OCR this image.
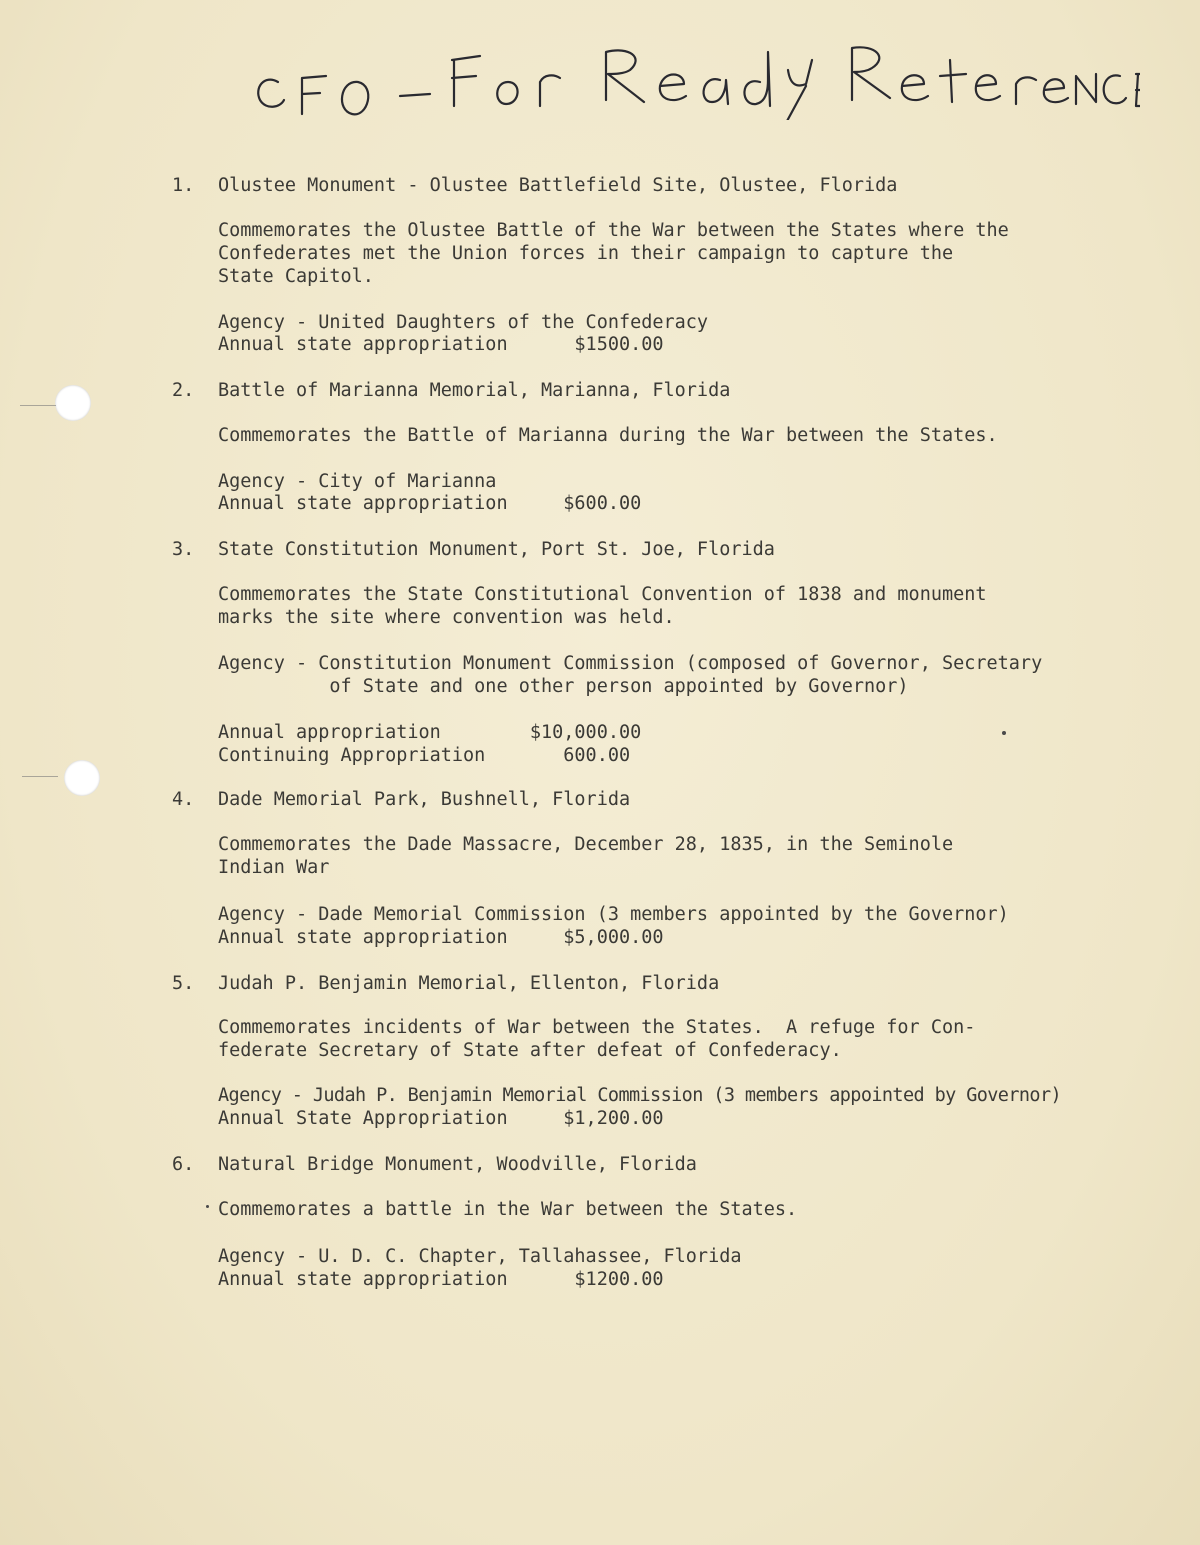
1. Olustee Monument - Olustee Battlefield Site, Olustee, Florida

Commemorates the Olustee Battle of the War between the States where the

Confederates met the Union forces in their campaign to capture the

State Capitol.

Agency - United Daughters of the Confederacy

Annual state appropriation      $1500.00

2. Battle of Marianna Memorial, Marianna, Florida

Commemorates the Battle of Marianna during the War between the States.

Agency - City of Marianna

Annual state appropriation     $600.00

3. State Constitution Monument, Port St. Joe, Florida

Commemorates the State Constitutional Convention of 1838 and monument

marks the site where convention was held.

Agency - Constitution Monument Commission (composed of Governor, Secretary

of State and one other person appointed by Governor)

Annual appropriation        $10,000.00

Continuing Appropriation       600.00

4. Dade Memorial Park, Bushnell, Florida

Commemorates the Dade Massacre, December 28, 1835, in the Seminole

Indian War

Agency - Dade Memorial Commission (3 members appointed by the Governor)

Annual state appropriation     $5,000.00

5. Judah P. Benjamin Memorial, Ellenton, Florida

Commemorates incidents of War between the States.  A refuge for Con-

federate Secretary of State after defeat of Confederacy.

Agency - Judah P. Benjamin Memorial Commission (3 members appointed by Governor)

Annual State Appropriation     $1,200.00

6. Natural Bridge Monument, Woodville, Florida

Commemorates a battle in the War between the States.

Agency - U. D. C. Chapter, Tallahassee, Florida

Annual state appropriation      $1200.00
